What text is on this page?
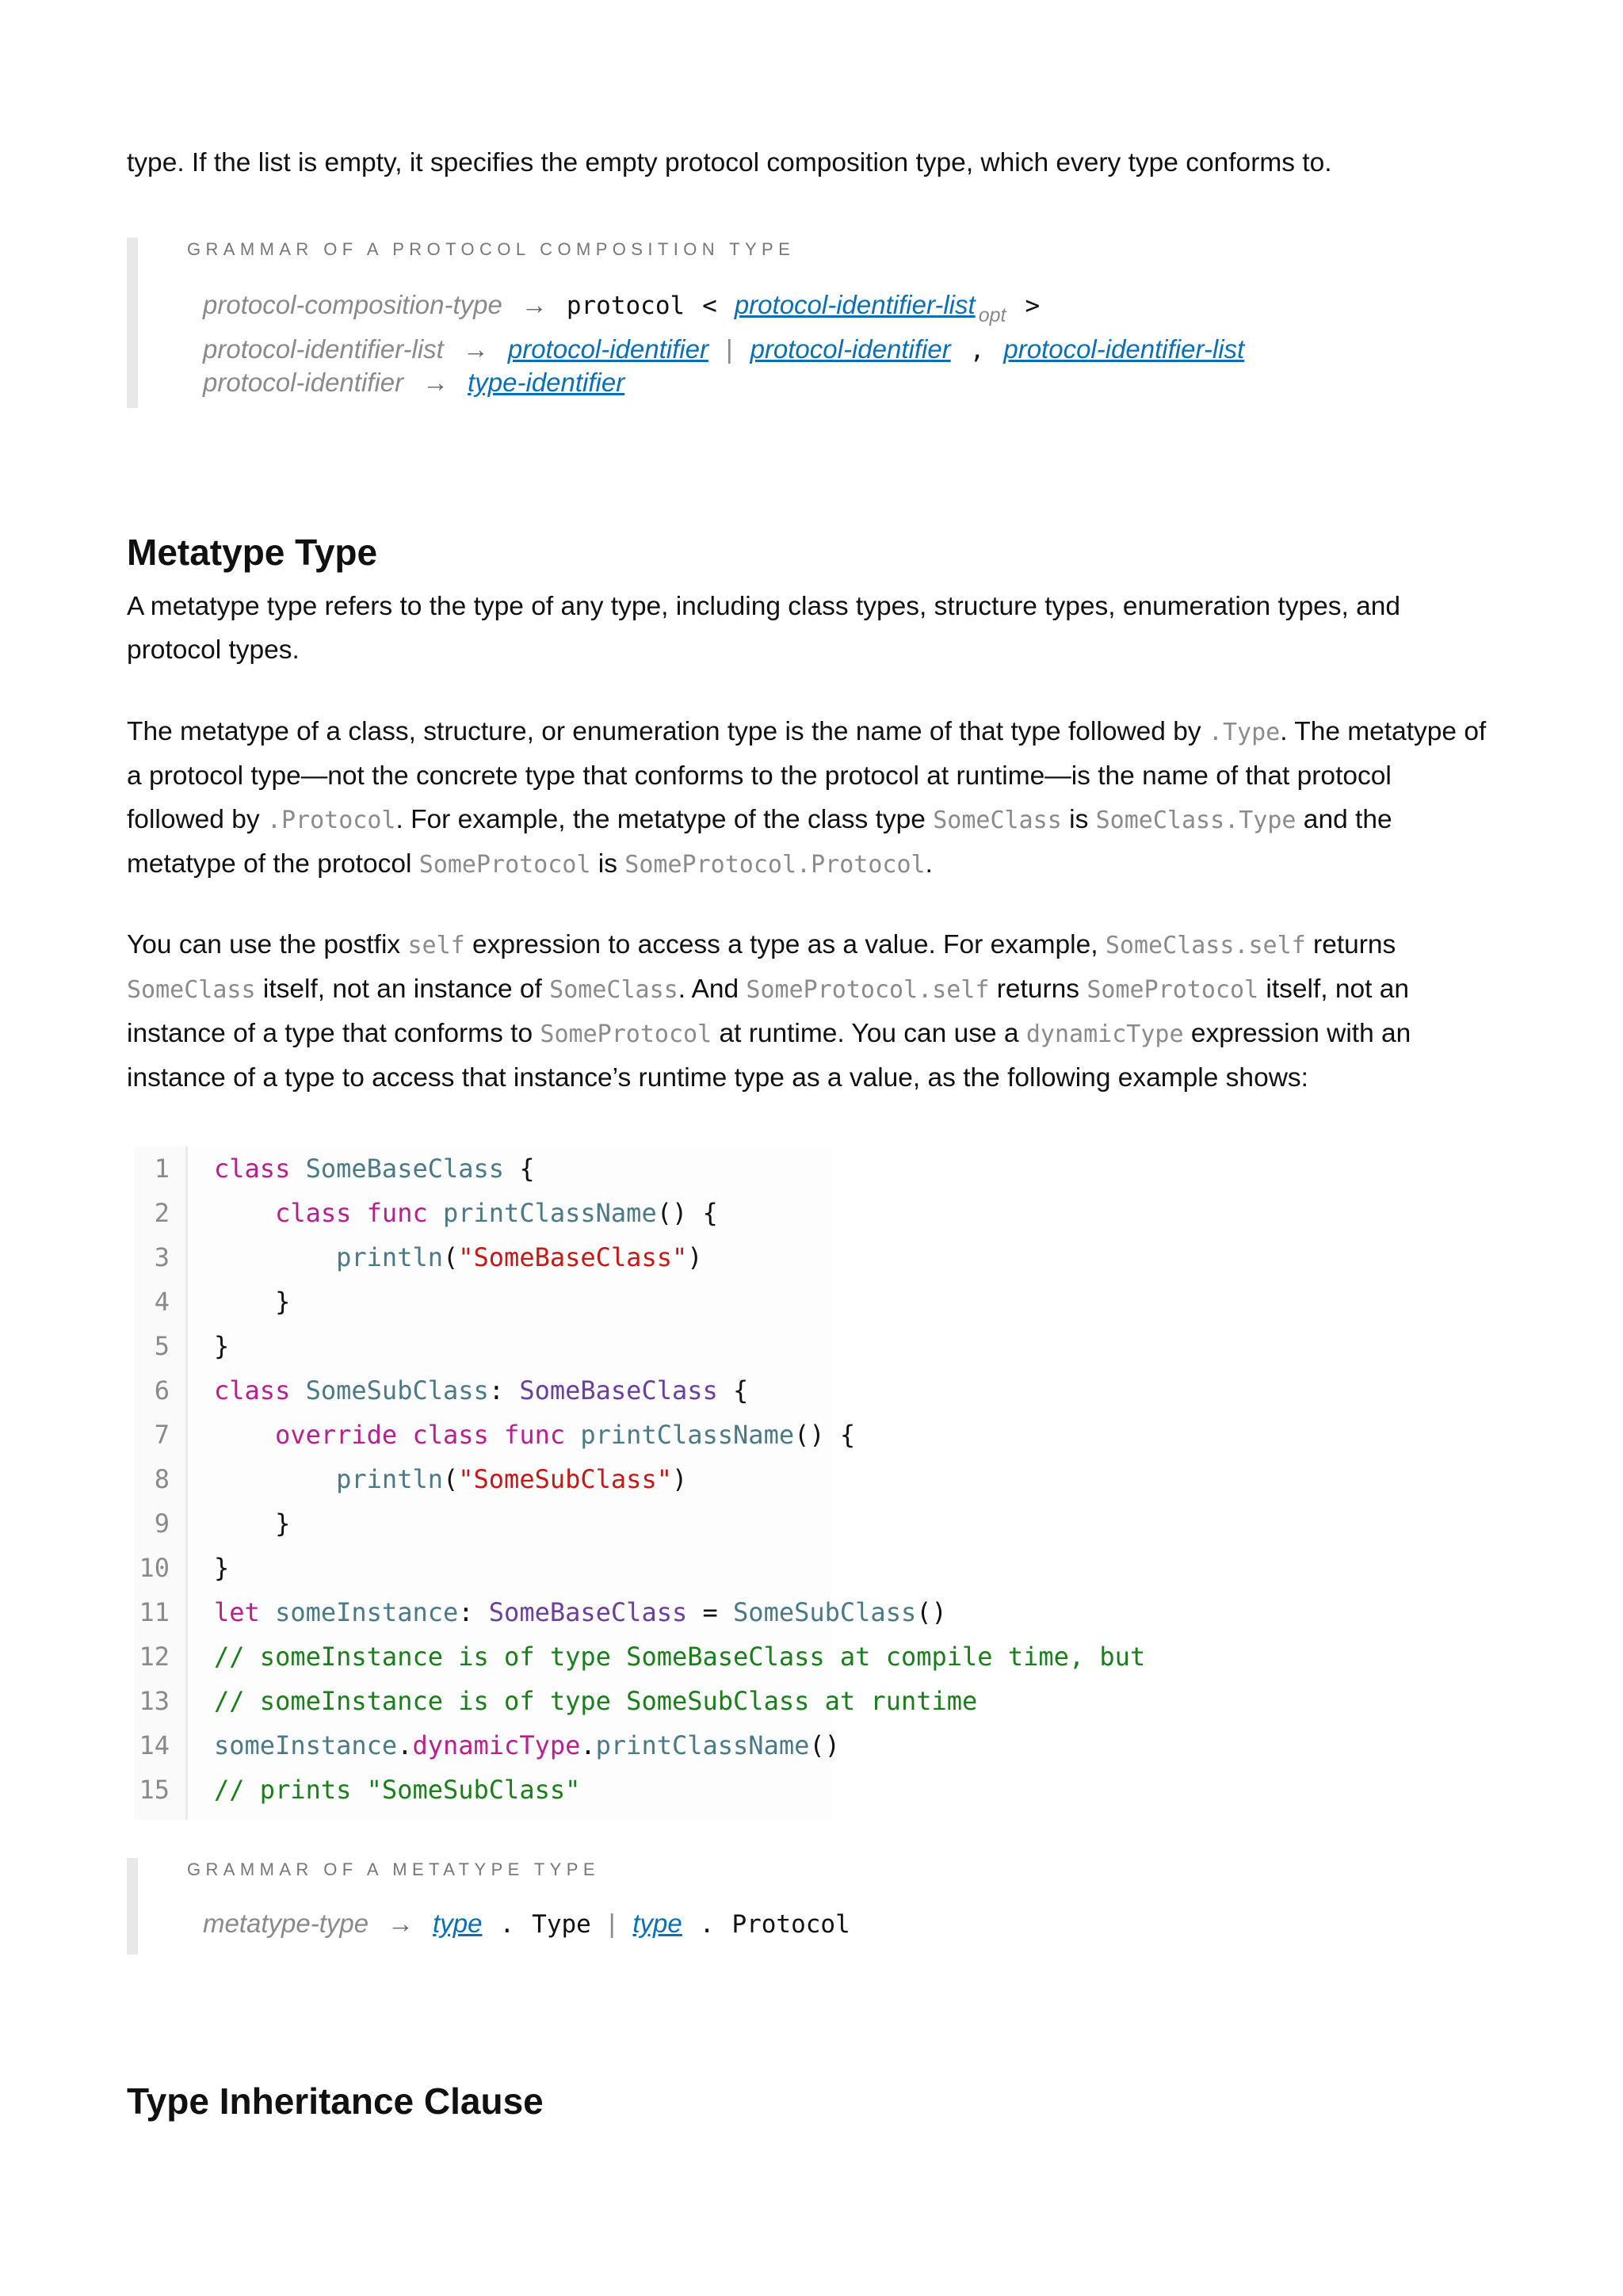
type. If the list is empty, it specifies the empty protocol composition type, which every type conforms to.

GRAMMAR OF A PROTOCOL COMPOSITION TYPE
protocol-composition-type → protocol < protocol-identifier-list $_{opt}$ >
protocol-identifier-list → protocol-identifier | protocol-identifier , protocol-identifier-list
protocol-identifier → type-identifier
Metatype Type

A metatype type refers to the type of any type, including class types, structure types, enumeration types, and protocol types.

The metatype of a class, structure, or enumeration type is the name of that type followed by .Type. The metatype of a protocol type—not the concrete type that conforms to the protocol at runtime—is the name of that protocol followed by .Protocol. For example, the metatype of the class type SomeClass is SomeClass.Type and the metatype of the protocol SomeProtocol is SomeProtocol.Protocol.

You can use the postfix self expression to access a type as a value. For example, SomeClass.self returns SomeClass itself, not an instance of SomeClass. And SomeProtocol.self returns SomeProtocol itself, not an instance of a type that conforms to SomeProtocol at runtime. You can use a dynamicType expression with an instance of a type to access that instance’s runtime type as a value, as the following example shows:

1
2
3
4
5
6
7
8
9
10
11
12
13
14
15
class SomeBaseClass {
class func printClassName() {
println("SomeBaseClass")
}
}
class SomeSubClass: SomeBaseClass {
override class func printClassName() {
println("SomeSubClass")
}
}
let someInstance: SomeBaseClass = SomeSubClass()
// someInstance is of type SomeBaseClass at compile time, but
// someInstance is of type SomeSubClass at runtime
someInstance.dynamicType.printClassName()
// prints "SomeSubClass"
GRAMMAR OF A METATYPE TYPE
metatype-type → type . Type | type . Protocol
Type Inheritance Clause
